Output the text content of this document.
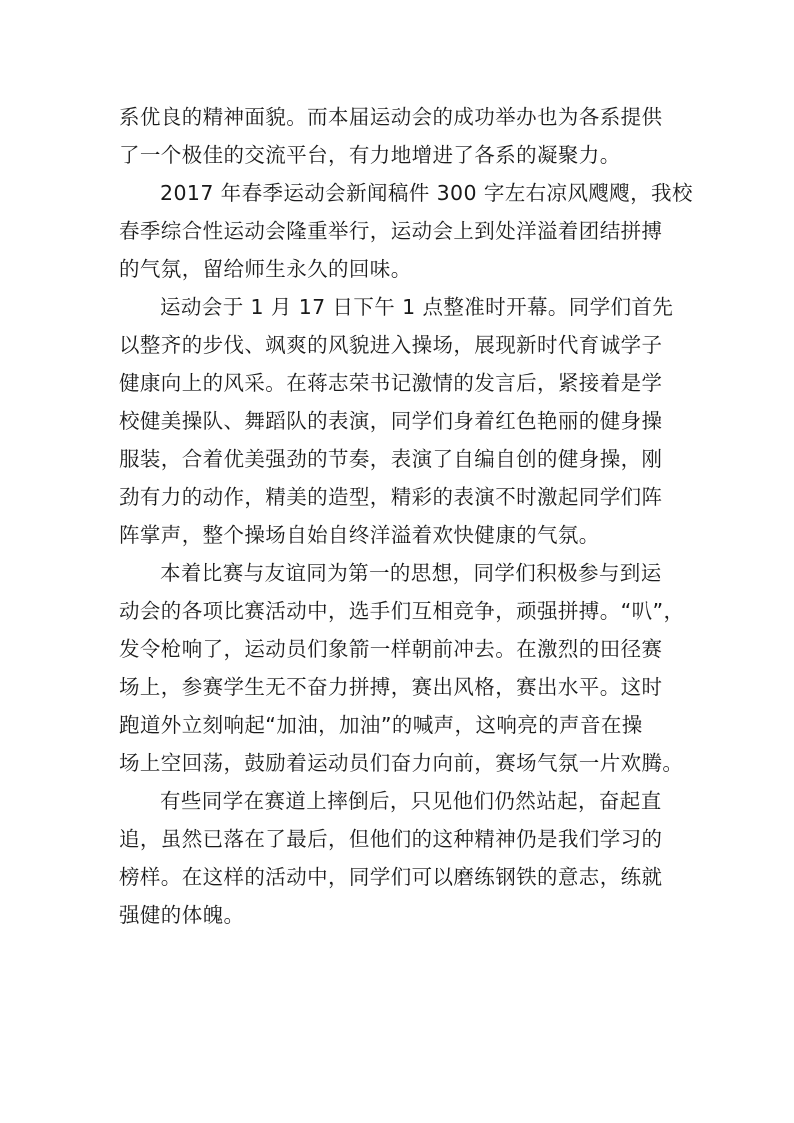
系优良的精神面貌。而本届运动会的成功举办也为各系提供
了一个极佳的交流平台，有力地增进了各系的凝聚力。
2017 年春季运动会新闻稿件 300 字左右凉风飕飕，我校
春季综合性运动会隆重举行，运动会上到处洋溢着团结拼搏
的气氛，留给师生永久的回味。
运动会于 1 月 17 日下午 1 点整准时开幕。同学们首先
以整齐的步伐、飒爽的风貌进入操场，展现新时代育诚学子
健康向上的风采。在蒋志荣书记激情的发言后，紧接着是学
校健美操队、舞蹈队的表演，同学们身着红色艳丽的健身操
服装，合着优美强劲的节奏，表演了自编自创的健身操，刚
劲有力的动作，精美的造型，精彩的表演不时激起同学们阵
阵掌声，整个操场自始自终洋溢着欢快健康的气氛。
本着比赛与友谊同为第一的思想，同学们积极参与到运
动会的各项比赛活动中，选手们互相竞争，顽强拼搏。“叭”，
发令枪响了，运动员们象箭一样朝前冲去。在激烈的田径赛
场上，参赛学生无不奋力拼搏，赛出风格，赛出水平。这时
跑道外立刻响起“加油，加油”的喊声，这响亮的声音在操
场上空回荡，鼓励着运动员们奋力向前，赛场气氛一片欢腾。
有些同学在赛道上摔倒后，只见他们仍然站起，奋起直
追，虽然已落在了最后，但他们的这种精神仍是我们学习的
榜样。在这样的活动中，同学们可以磨练钢铁的意志，练就
强健的体魄。
